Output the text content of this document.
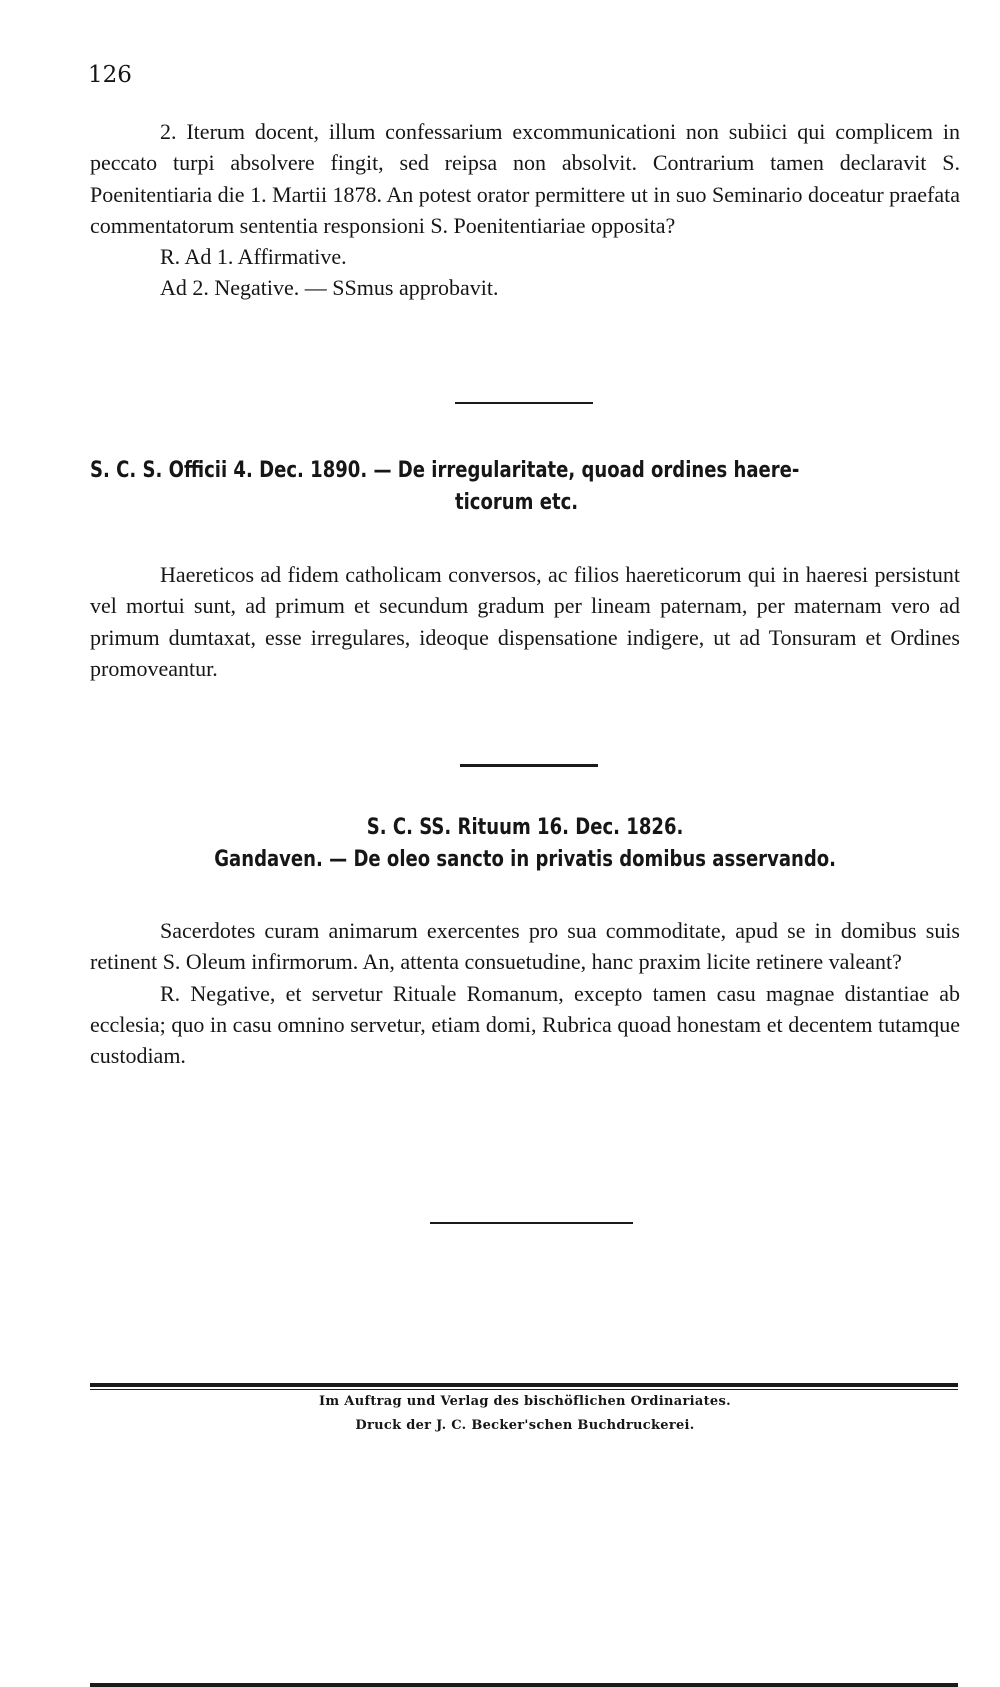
126

2. Iterum docent, illum confessarium excommunicationi non subiici qui complicem in peccato turpi absolvere fingit, sed reipsa non absolvit. Contrarium tamen declaravit S. Poenitentiaria die 1. Martii 1878. An potest orator permittere ut in suo Seminario doceatur praefata commentatorum sententia responsioni S. Poenitentiariae opposita?

R. Ad 1. Affirmative.

Ad 2. Negative. — SSmus approbavit.

S. C. S. Officii 4. Dec. 1890. — De irregularitate, quoad ordines haere-
ticorum etc.

Haereticos ad fidem catholicam conversos, ac filios haereticorum qui in haeresi persistunt vel mortui sunt, ad primum et secundum gradum per lineam paternam, per maternam vero ad primum dumtaxat, esse irregulares, ideoque dispensatione indigere, ut ad Tonsuram et Ordines promoveantur.

S. C. SS. Rituum 16. Dec. 1826.
Gandaven. — De oleo sancto in privatis domibus asservando.

Sacerdotes curam animarum exercentes pro sua commoditate, apud se in domibus suis retinent S. Oleum infirmorum. An, attenta consuetudine, hanc praxim licite retinere valeant?

R. Negative, et servetur Rituale Romanum, excepto tamen casu magnae distantiae ab ecclesia; quo in casu omnino servetur, etiam domi, Rubrica quoad honestam et decentem tutamque custodiam.

Im Auftrag und Verlag des bischöflichen Ordinariates.
Druck der J. C. Becker'schen Buchdruckerei.
